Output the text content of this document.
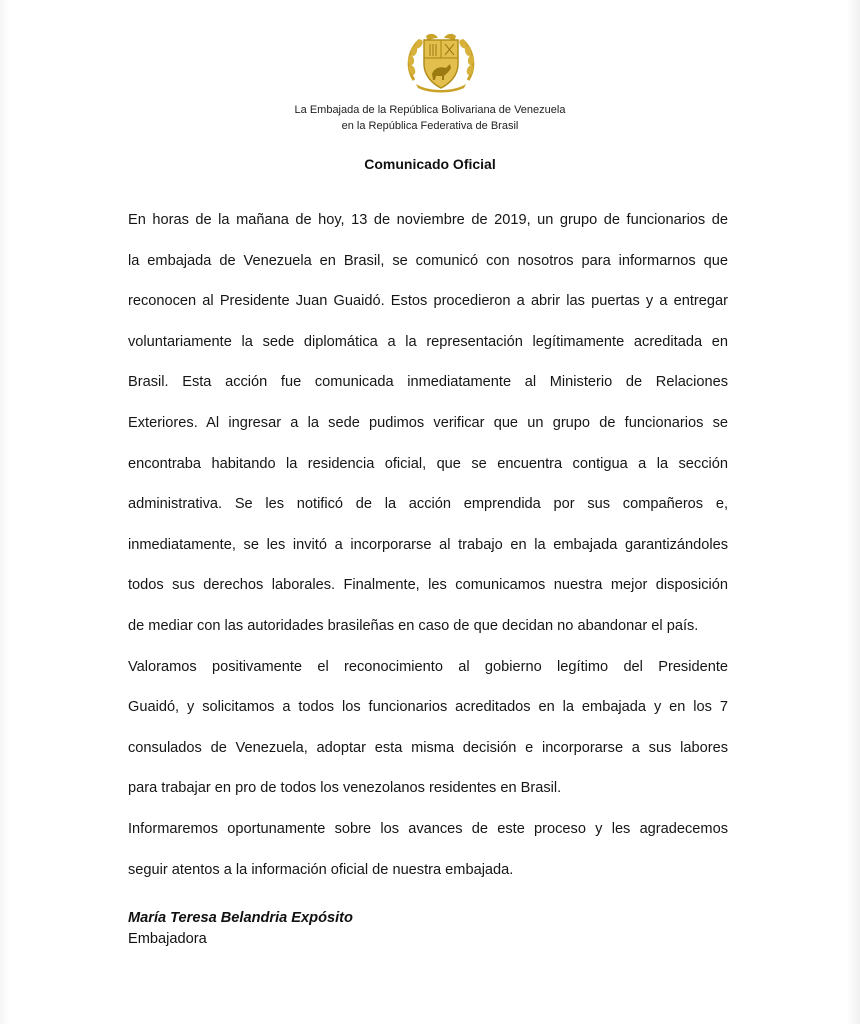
La Embajada de la República Bolivariana de Venezuela
en la República Federativa de Brasil
Comunicado Oficial
En horas de la mañana de hoy, 13 de noviembre de 2019, un grupo de funcionarios de
la embajada de Venezuela en Brasil, se comunicó con nosotros para informarnos que
reconocen al Presidente Juan Guaidó. Estos procedieron a abrir las puertas y a entregar
voluntariamente la sede diplomática a la representación legítimamente acreditada en
Brasil. Esta acción fue comunicada inmediatamente al Ministerio de Relaciones
Exteriores. Al ingresar a la sede pudimos verificar que un grupo de funcionarios se
encontraba habitando la residencia oficial, que se encuentra contigua a la sección
administrativa. Se les notificó de la acción emprendida por sus compañeros e,
inmediatamente, se les invitó a incorporarse al trabajo en la embajada garantizándoles
todos sus derechos laborales. Finalmente, les comunicamos nuestra mejor disposición
de mediar con las autoridades brasileñas en caso de que decidan no abandonar el país.
Valoramos positivamente el reconocimiento al gobierno legítimo del Presidente
Guaidó, y solicitamos a todos los funcionarios acreditados en la embajada y en los 7
consulados de Venezuela, adoptar esta misma decisión e incorporarse a sus labores
para trabajar en pro de todos los venezolanos residentes en Brasil.
Informaremos oportunamente sobre los avances de este proceso y les agradecemos
seguir atentos a la información oficial de nuestra embajada.
María Teresa Belandria Expósito
Embajadora
